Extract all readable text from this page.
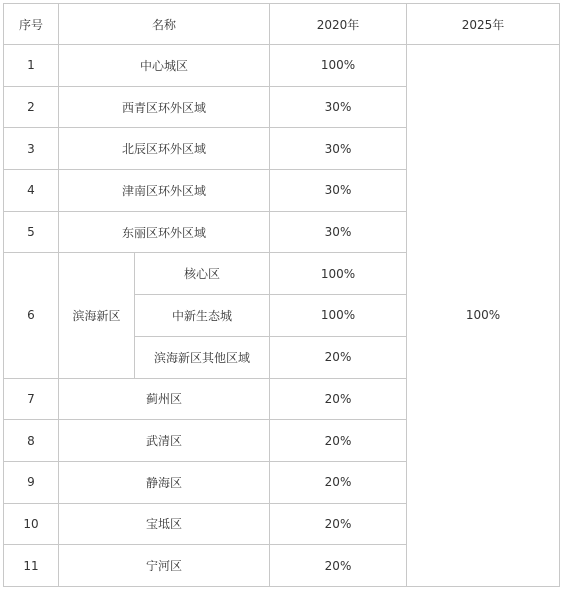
序号	名称		2020年	2025年
1	中心城区		100%	100%
2	西青区环外区域		30%	
3	北辰区环外区域		30%	
4	津南区环外区域		30%	
5	东丽区环外区域		30%	
6	滨海新区	核心区	100%	
		中新生态城	100%	
		滨海新区其他区域	20%	
7	蓟州区		20%	
8	武清区		20%	
9	静海区		20%	
10	宝坻区		20%	
11	宁河区		20%	
